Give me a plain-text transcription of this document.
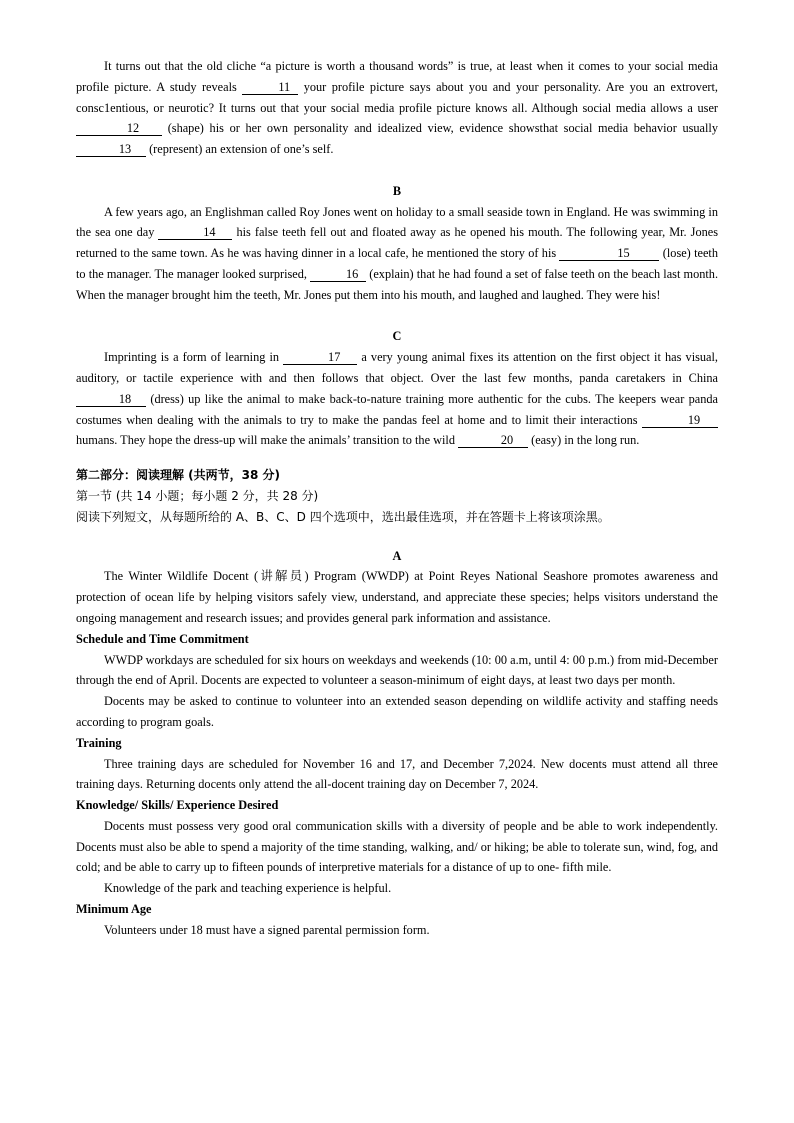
It turns out that the old cliche “a picture is worth a thousand words” is true, at least when it comes to your social media profile picture. A study reveals	11 your profile picture says about you and your personality. Are you an extrovert, consc1entious, or neurotic? It turns out that your social media profile picture knows all. Although social media allows a user 12 (shape) his or her own personality and idealized view, evidence showsthat social media behavior usually 13 (represent) an extension of one’s self.

B

A few years ago, an Englishman called Roy Jones went on holiday to a small seaside town in England. He was swimming in the sea one day	14 his false teeth fell out and floated away as he opened his mouth. The following year, Mr. Jones returned to the same town. As he was having dinner in a local cafe, he mentioned the story of his	15	(lose) teeth to the manager. The manager looked surprised,	16 (explain) that he had found a set of false teeth on the beach last month. When the manager brought him the teeth, Mr. Jones put them into his mouth, and laughed and laughed. They were his!

C

Imprinting is a form of learning in	17 a very young animal fixes its attention on the first object it has visual, auditory, or tactile experience with and then follows that object. Over the last few months, panda caretakers in China 18 (dress) up like the animal to make back-to-nature training more authentic for the cubs. The keepers wear panda costumes when dealing with the animals to try to make the pandas feel at home and to limit their interactions	19 humans. They hope the dress-up will make the animals’ transition to the wild	20 (easy) in the long run.

第二部分：阅读理解 (共两节，38 分)

第一节 (共 14 小题；每小题 2 分，共 28 分)

阅读下列短文，从每题所给的 A、B、C、D 四个选项中，选出最佳选项，并在答题卡上将该项涂黑。

A

The Winter Wildlife Docent (讲解员) Program (WWDP) at Point Reyes National Seashore promotes awareness and protection of ocean life by helping visitors safely view, understand, and appreciate these species; helps visitors understand the ongoing management and research issues; and provides general park information and assistance.

Schedule and Time Commitment

WWDP workdays are scheduled for six hours on weekdays and weekends (10: 00 a.m, until 4: 00 p.m.) from mid-December through the end of April. Docents are expected to volunteer a season-minimum of eight days, at least two days per month.

Docents may be asked to continue to volunteer into an extended season depending on wildlife activity and staffing needs according to program goals.

Training

Three training days are scheduled for November 16 and 17, and December 7,2024. New docents must attend all three training days. Returning docents only attend the all-docent training day on December 7, 2024.

Knowledge/ Skills/ Experience Desired

Docents must possess very good oral communication skills with a diversity of people and be able to work independently. Docents must also be able to spend a majority of the time standing, walking, and/ or hiking; be able to tolerate sun, wind, fog, and cold; and be able to carry up to fifteen pounds of interpretive materials for a distance of up to one- fifth mile.

Knowledge of the park and teaching experience is helpful.

Minimum Age

Volunteers under 18 must have a signed parental permission form.
